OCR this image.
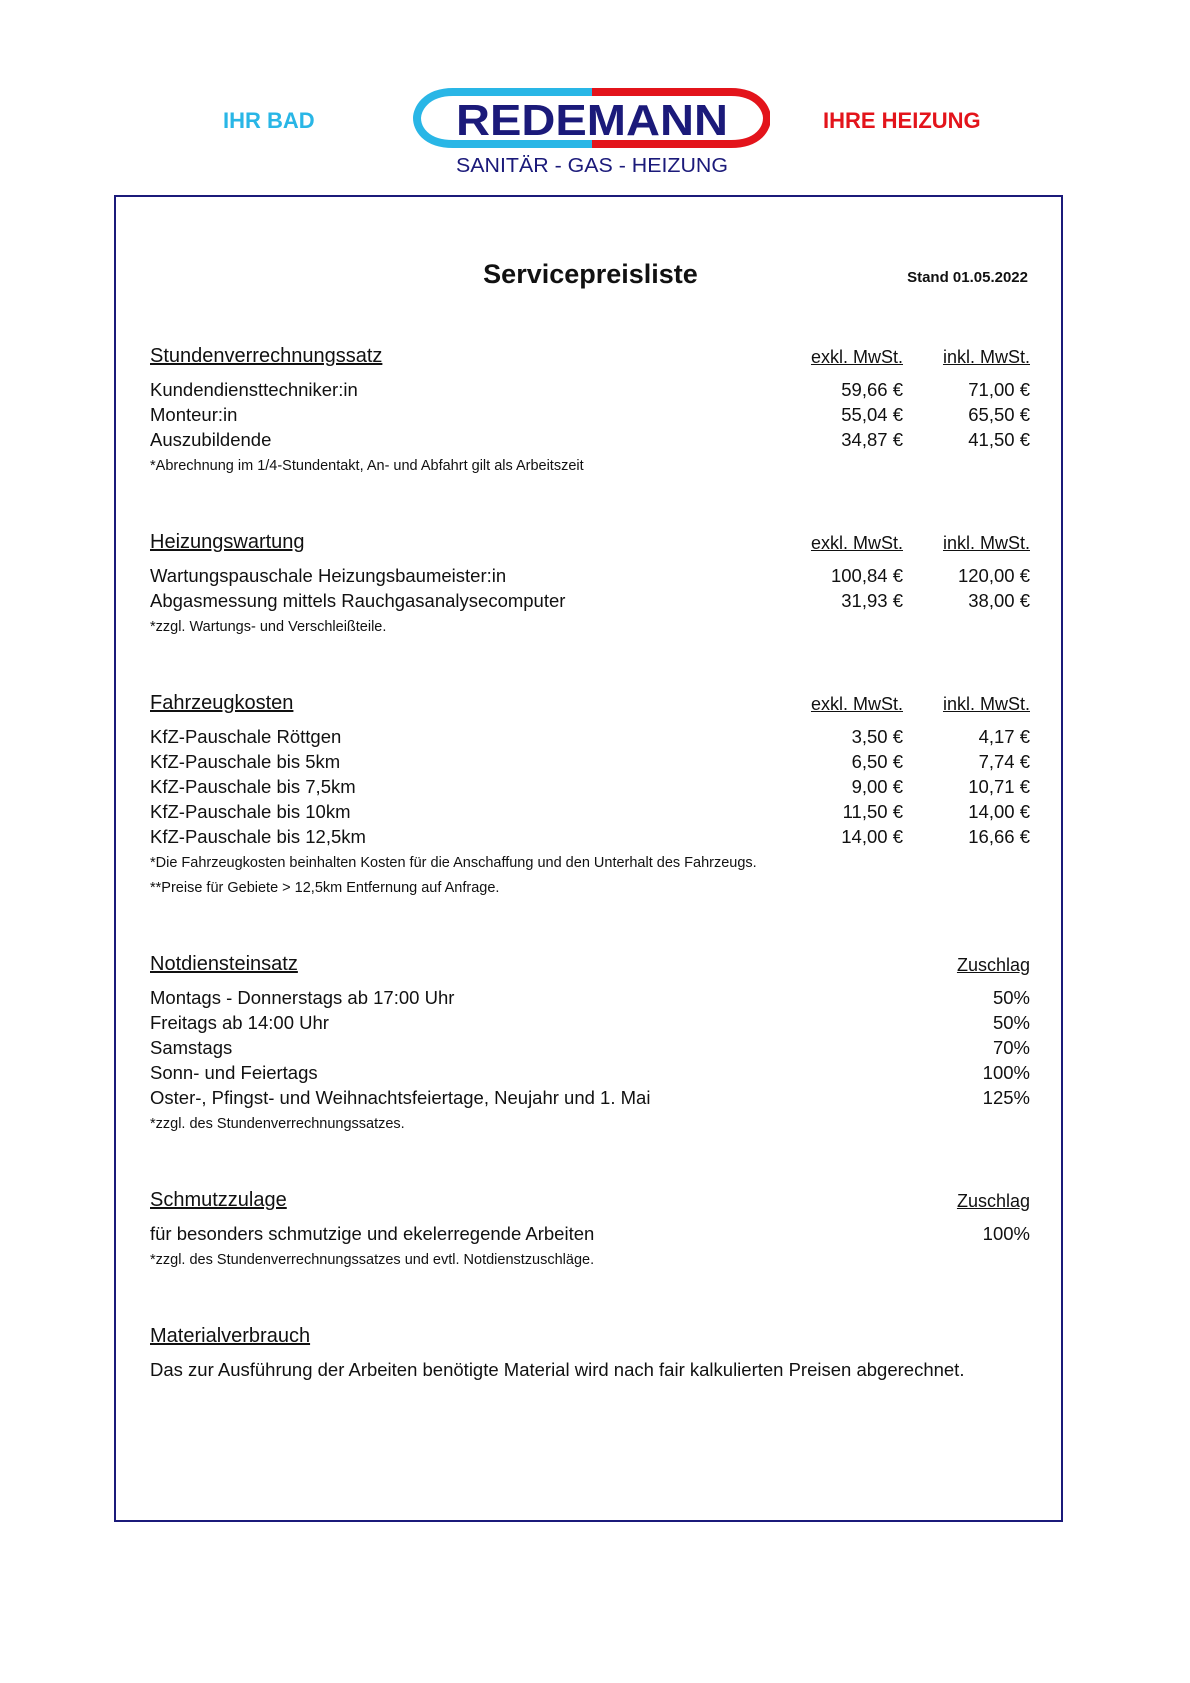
IHR BAD	REDEMANN
SANITÄR - GAS - HEIZUNG
IHRE HEIZUNG
Servicepreisliste	Stand 01.05.2022
Stundenverrechnungssatz	exkl. MwSt. inkl. MwSt.
Kundendiensttechniker:in	59,66 €	71,00 €
Monteur:in	55,04 €	65,50 €
Auszubildende	34,87 €	41,50 €
*Abrechnung im 1/4-Stundentakt, An- und Abfahrt gilt als Arbeitszeit
Heizungswartung	exkl. MwSt. inkl. MwSt.
Wartungspauschale Heizungsbaumeister:in	100,84 €	120,00 €
Abgasmessung mittels Rauchgasanalysecomputer	31,93 €	38,00 €
*zzgl. Wartungs- und Verschleißteile.
Fahrzeugkosten	exkl. MwSt. inkl. MwSt.
KfZ-Pauschale Röttgen	3,50 €	4,17 €
KfZ-Pauschale bis 5km	6,50 €	7,74 €
KfZ-Pauschale bis 7,5km	9,00 €	10,71 €
KfZ-Pauschale bis 10km	11,50 €	14,00 €
KfZ-Pauschale bis 12,5km	14,00 €	16,66 €
*Die Fahrzeugkosten beinhalten Kosten für die Anschaffung und den Unterhalt des Fahrzeugs.
**Preise für Gebiete > 12,5km Entfernung auf Anfrage.
Notdiensteinsatz	Zuschlag
Montags - Donnerstags ab 17:00 Uhr	50%
Freitags ab 14:00 Uhr	50%
Samstags	70%
Sonn- und Feiertags	100%
Oster-, Pfingst- und Weihnachtsfeiertage, Neujahr und 1. Mai	125%
*zzgl. des Stundenverrechnungssatzes.
Schmutzzulage	Zuschlag
für besonders schmutzige und ekelerregende Arbeiten	100%
*zzgl. des Stundenverrechnungssatzes und evtl. Notdienstzuschläge.
Materialverbrauch
Das zur Ausführung der Arbeiten benötigte Material wird nach fair kalkulierten Preisen abgerechnet.
